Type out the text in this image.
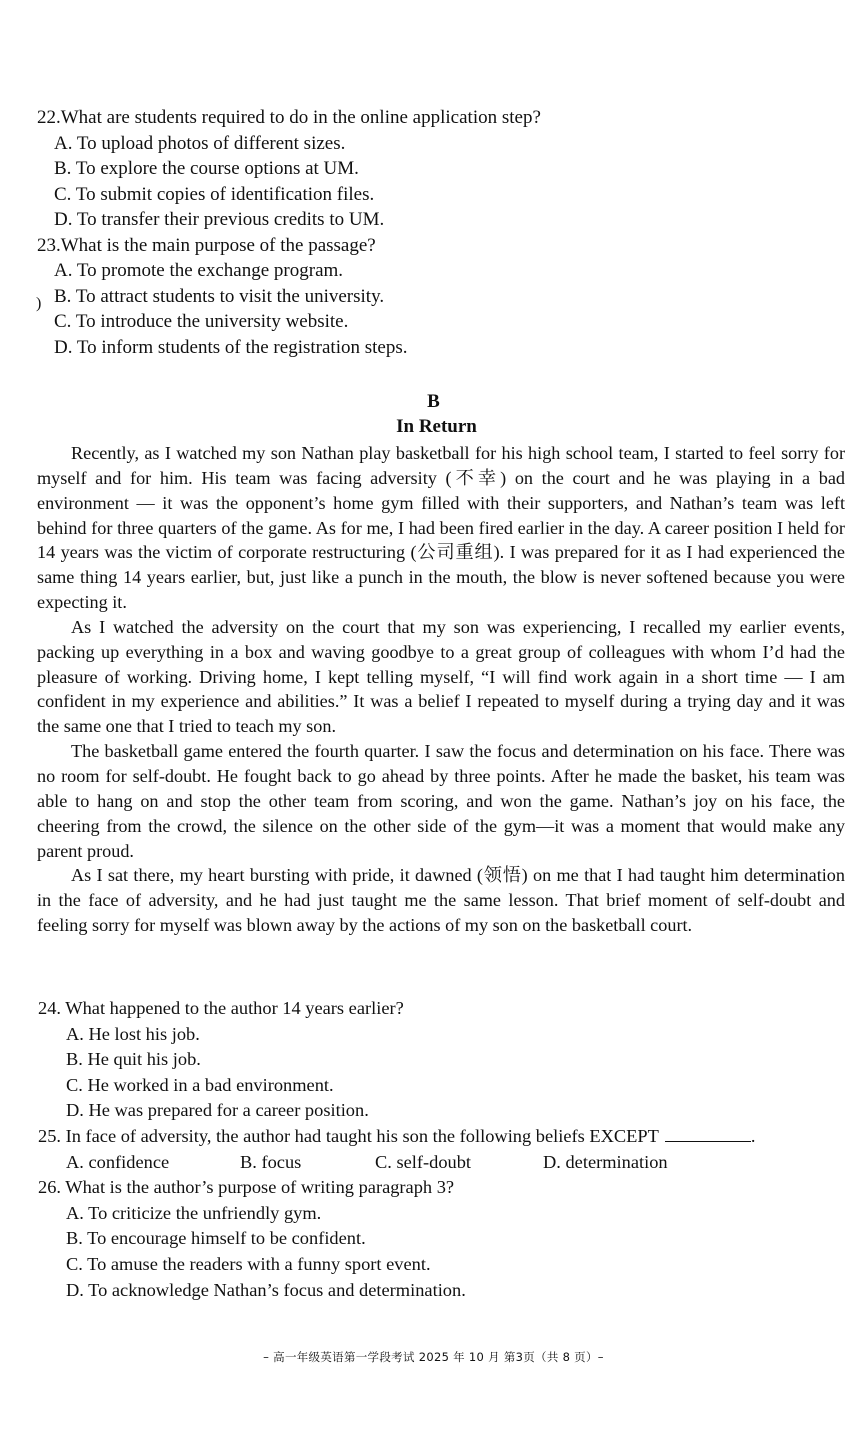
22.What are students required to do in the online application step?
A. To upload photos of different sizes.
B. To explore the course options at UM.
C. To submit copies of identification files.
D. To transfer their previous credits to UM.
23.What is the main purpose of the passage?
A. To promote the exchange program.
B. To attract students to visit the university.
C. To introduce the university website.
D. To inform students of the registration steps.
)
B
In Return

Recently, as I watched my son Nathan play basketball for his high school team, I started to feel sorry for myself and for him. His team was facing adversity (不幸) on the court and he was playing in a bad environment — it was the opponent’s home gym filled with their supporters, and Nathan’s team was left behind for three quarters of the game. As for me, I had been fired earlier in the day. A career position I held for 14 years was the victim of corporate restructuring (公司重组). I was prepared for it as I had experienced the same thing 14 years earlier, but, just like a punch in the mouth, the blow is never softened because you were expecting it.

As I watched the adversity on the court that my son was experiencing, I recalled my earlier events, packing up everything in a box and waving goodbye to a great group of colleagues with whom I’d had the pleasure of working. Driving home, I kept telling myself, “I will find work again in a short time — I am confident in my experience and abilities.” It was a belief I repeated to myself during a trying day and it was the same one that I tried to teach my son.

The basketball game entered the fourth quarter. I saw the focus and determination on his face. There was no room for self-doubt. He fought back to go ahead by three points. After he made the basket, his team was able to hang on and stop the other team from scoring, and won the game. Nathan’s joy on his face, the cheering from the crowd, the silence on the other side of the gym—it was a moment that would make any parent proud.

As I sat there, my heart bursting with pride, it dawned (领悟) on me that I had taught him determination in the face of adversity, and he had just taught me the same lesson. That brief moment of self-doubt and feeling sorry for myself was blown away by the actions of my son on the basketball court.

24. What happened to the author 14 years earlier?
A. He lost his job.
B. He quit his job.
C. He worked in a bad environment.
D. He was prepared for a career position.
25. In face of adversity, the author had taught his son the following beliefs EXCEPT	.
A. confidence	B. focus	C. self-doubt	D. determination
26. What is the author’s purpose of writing paragraph 3?
A. To criticize the unfriendly gym.
B. To encourage himself to be confident.
C. To amuse the readers with a funny sport event.
D. To acknowledge Nathan’s focus and determination.
– 高一年级英语第一学段考试 2025 年 10 月 第3页（共 8 页）–
